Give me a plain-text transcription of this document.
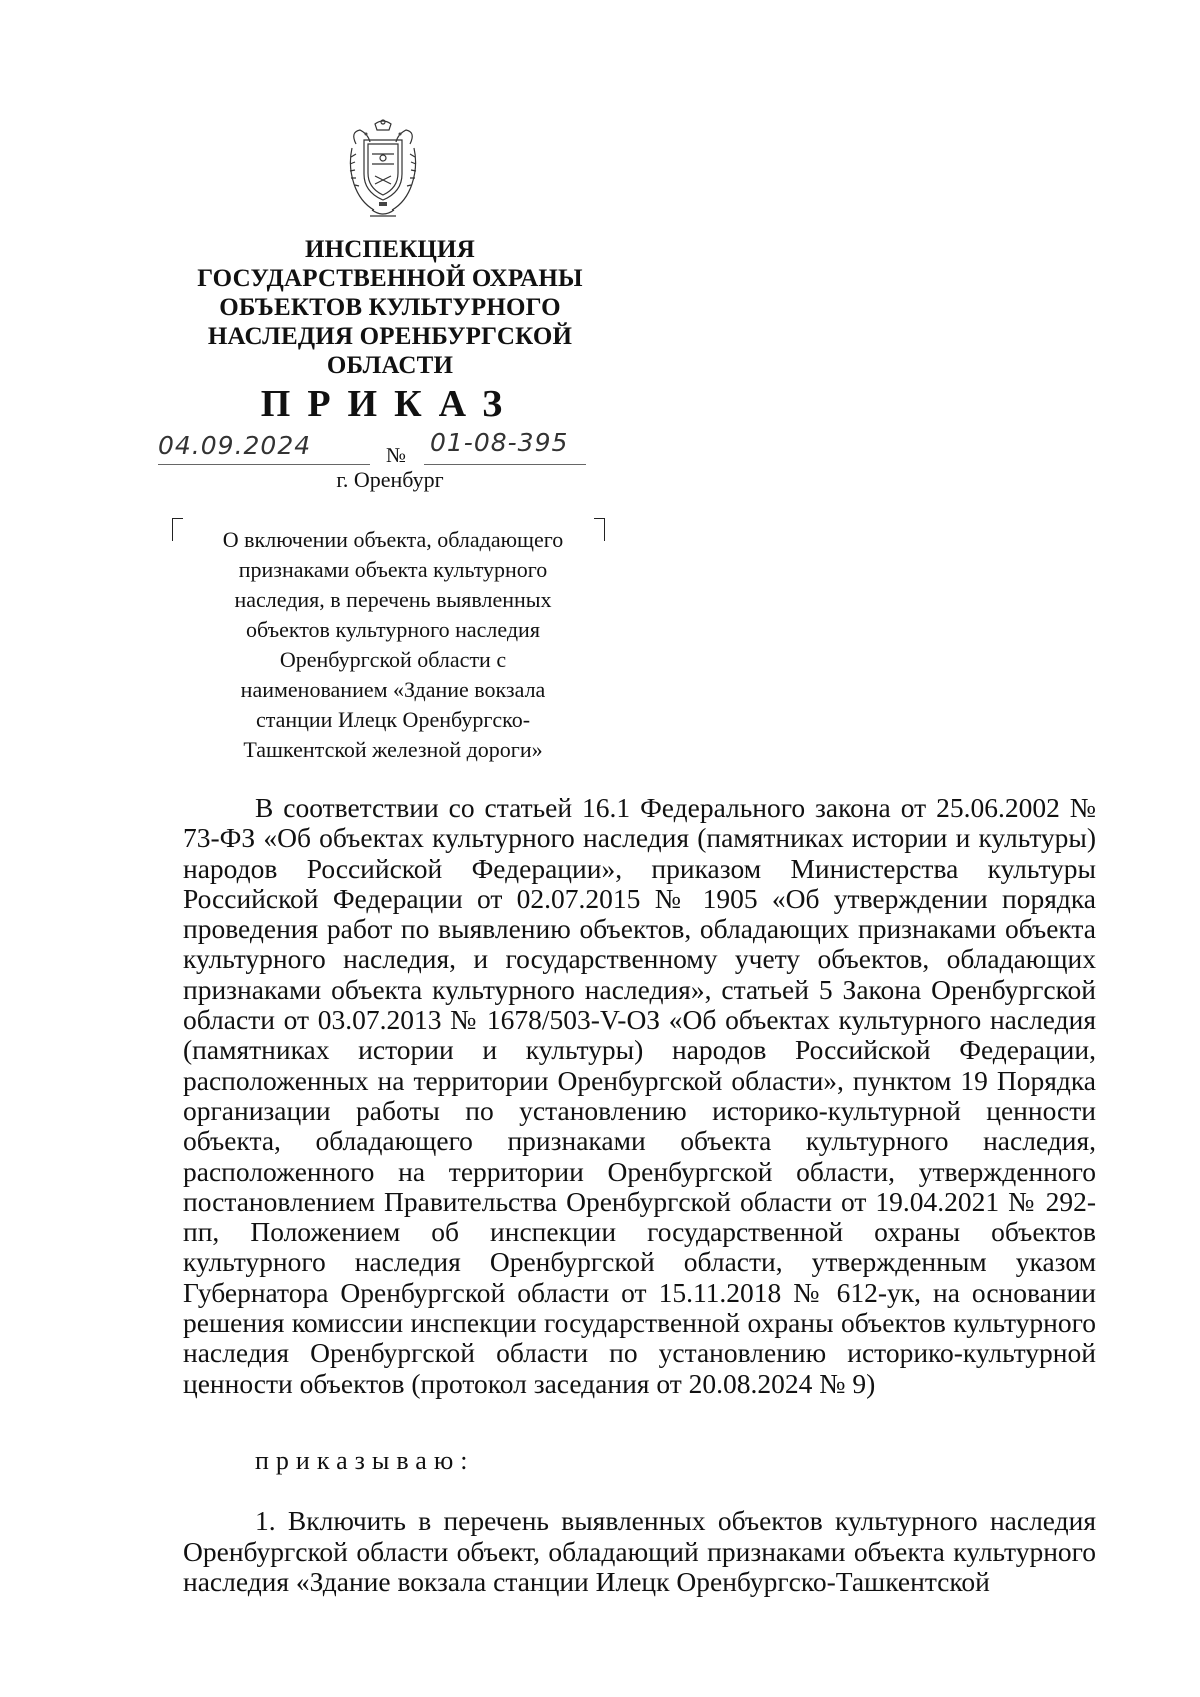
ИНСПЕКЦИЯ
ГОСУДАРСТВЕННОЙ ОХРАНЫ
ОБЪЕКТОВ КУЛЬТУРНОГО
НАСЛЕДИЯ ОРЕНБУРГСКОЙ
ОБЛАСТИ
ПРИКАЗ
04.09.2024	№ 01-08-395
г. Оренбург
О включении объекта, обладающего
признаками объекта культурного
наследия, в перечень выявленных
объектов культурного наследия
Оренбургской области с
наименованием «Здание вокзала
станции Илецк Оренбургско-
Ташкентской железной дороги»

В соответствии со статьей 16.1 Федерального закона от 25.06.2002 № 73-ФЗ «Об объектах культурного наследия (памятниках истории и культуры) народов Российской Федерации», приказом Министерства культуры Российской Федерации от 02.07.2015 № 1905 «Об утверждении порядка проведения работ по выявлению объектов, обладающих признаками объекта культурного наследия, и государственному учету объектов, обладающих признаками объекта культурного наследия», статьей 5 Закона Оренбургской области от 03.07.2013 № 1678/503-V-ОЗ «Об объектах культурного наследия (памятниках истории и культуры) народов Российской Федерации, расположенных на территории Оренбургской области», пунктом 19 Порядка организации работы по установлению историко-культурной ценности объекта, обладающего признаками объекта культурного наследия, расположенного на территории Оренбургской области, утвержденного постановлением Правительства Оренбургской области от 19.04.2021 № 292-пп, Положением об инспекции государственной охраны объектов культурного наследия Оренбургской области, утвержденным указом Губернатора Оренбургской области от 15.11.2018 № 612-ук, на основании решения комиссии инспекции государственной охраны объектов культурного наследия Оренбургской области по установлению историко-культурной ценности объектов (протокол заседания от 20.08.2024 № 9)

приказываю:

1. Включить в перечень выявленных объектов культурного наследия Оренбургской области объект, обладающий признаками объекта культурного наследия «Здание вокзала станции Илецк Оренбургско-Ташкентской
